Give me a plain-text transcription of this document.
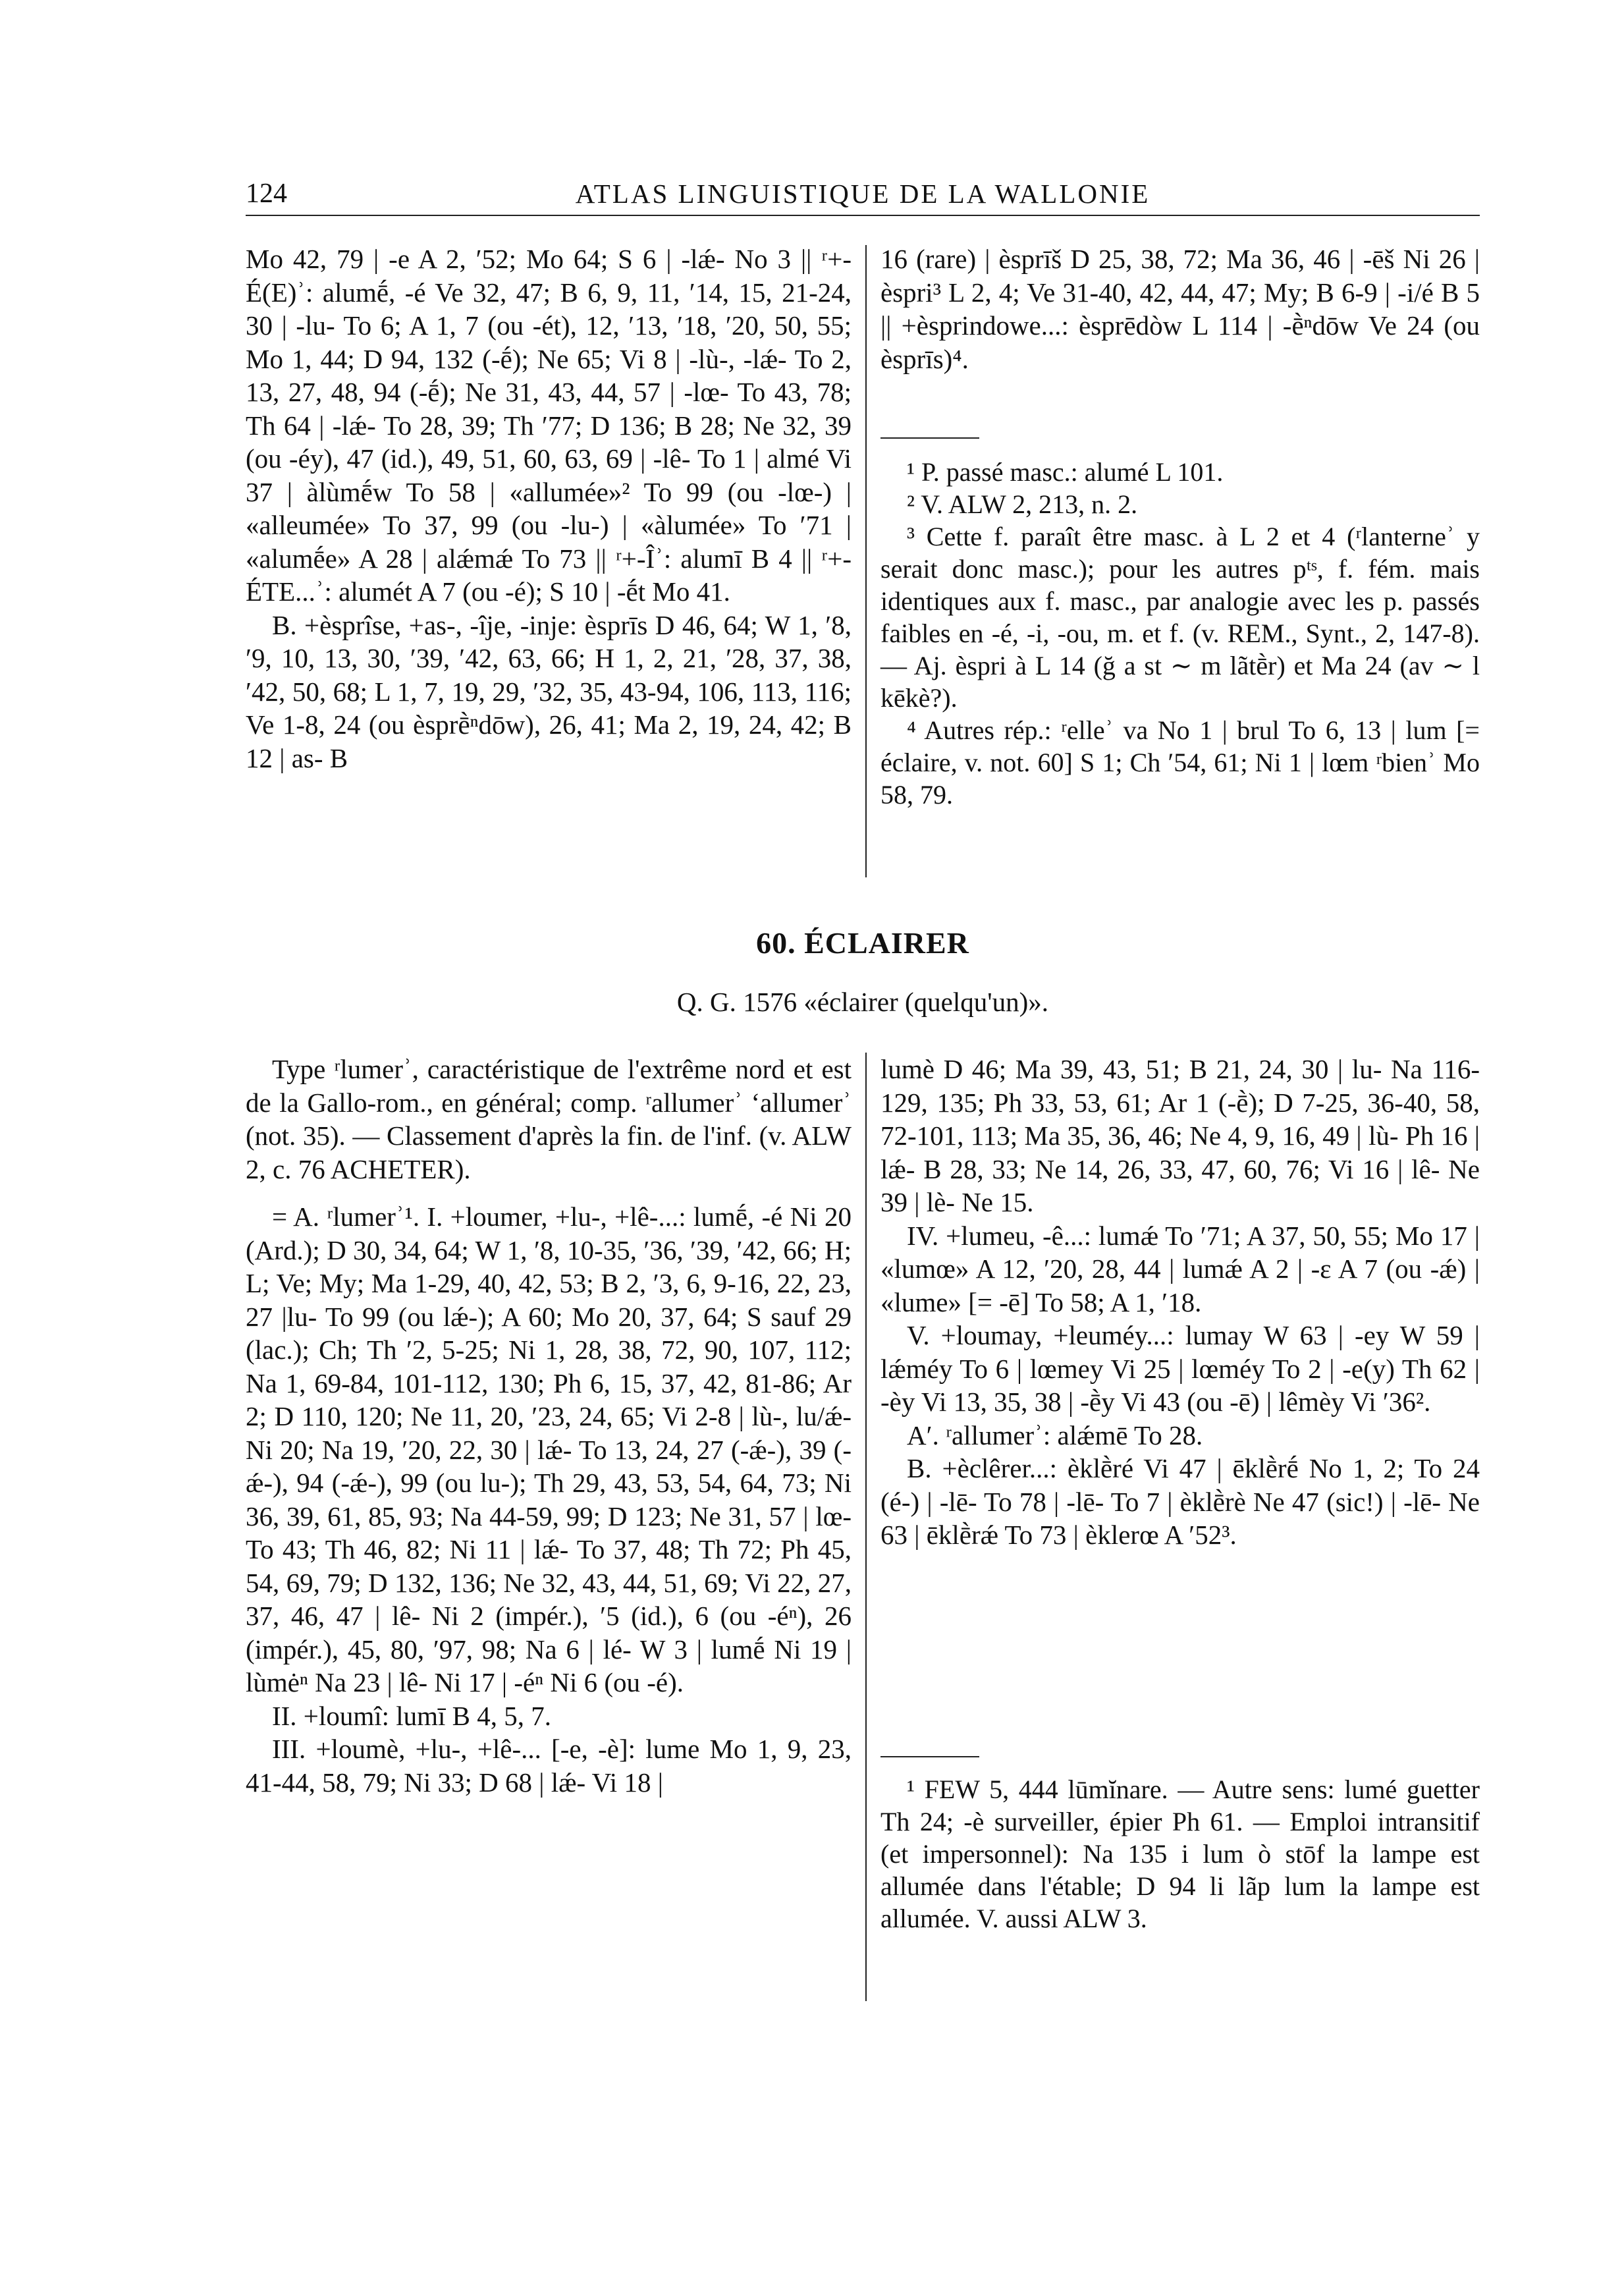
124	ATLAS LINGUISTIQUE DE LA WALLONIE

Mo 42, 79 | -e A 2, ′52; Mo 64; S 6 | -lǽ- No 3 || ʳ+-É(E)ʾ: alumḗ, -é Ve 32, 47; B 6, 9, 11, ′14, 15, 21-24, 30 | -lu- To 6; A 1, 7 (ou -ét), 12, ′13, ′18, ′20, 50, 55; Mo 1, 44; D 94, 132 (-ḗ); Ne 65; Vi 8 | -lù-, -lǽ- To 2, 13, 27, 48, 94 (-ḗ); Ne 31, 43, 44, 57 | -lœ- To 43, 78; Th 64 | -lǽ- To 28, 39; Th ′77; D 136; B 28; Ne 32, 39 (ou -éy), 47 (id.), 49, 51, 60, 63, 69 | -lê- To 1 | almé Vi 37 | àlùmḗw To 58 | «allumée»² To 99 (ou -lœ-) | «alleumée» To 37, 99 (ou -lu-) | «àlumée» To ′71 | «alumḗe» A 28 | alǽmǽ To 73 || ʳ+-Îʾ: alumī B 4 || ʳ+-ÉTE...ʾ: alumét A 7 (ou -é); S 10 | -ḗt Mo 41.

B. +èsprîse, +as-, -îje, -inje: èsprīs D 46, 64; W 1, ′8, ′9, 10, 13, 30, ′39, ′42, 63, 66; H 1, 2, 21, ′28, 37, 38, ′42, 50, 68; L 1, 7, 19, 29, ′32, 35, 43-94, 106, 113, 116; Ve 1-8, 24 (ou èsprḕⁿdōw), 26, 41; Ma 2, 19, 24, 42; B 12 | as- B

16 (rare) | èsprīš D 25, 38, 72; Ma 36, 46 | -ēš Ni 26 | èspri³ L 2, 4; Ve 31-40, 42, 44, 47; My; B 6-9 | -i/é B 5 || +èsprindowe...: èsprēdòw L 114 | -ḕⁿdōw Ve 24 (ou èsprīs)⁴.

¹ P. passé masc.: alumé L 101.

² V. ALW 2, 213, n. 2.

³ Cette f. paraît être masc. à L 2 et 4 (ʳlanterneʾ y serait donc masc.); pour les autres pᵗˢ, f. fém. mais identiques aux f. masc., par analogie avec les p. passés faibles en -é, -i, -ou, m. et f. (v. REM., Synt., 2, 147-8). — Aj. èspri à L 14 (ğ a st ∼ m lãtḕr) et Ma 24 (av ∼ l kēkè?).

⁴ Autres rép.: ʳelleʾ va No 1 | brul To 6, 13 | lum [= éclaire, v. not. 60] S 1; Ch ′54, 61; Ni 1 | lœm ʳbienʾ Mo 58, 79.

60. ÉCLAIRER
Q. G. 1576 «éclairer (quelqu'un)».

Type ʳlumerʾ, caractéristique de l'extrême nord et est de la Gallo-rom., en général; comp. ʳallumerʾ ʻallumerʾ (not. 35). — Classement d'après la fin. de l'inf. (v. ALW 2, c. 76 ACHETER).

= A. ʳlumerʾ¹. I. +loumer, +lu-, +lê-...: lumḗ, -é Ni 20 (Ard.); D 30, 34, 64; W 1, ′8, 10-35, ′36, ′39, ′42, 66; H; L; Ve; My; Ma 1-29, 40, 42, 53; B 2, ′3, 6, 9-16, 22, 23, 27 |lu- To 99 (ou lǽ-); A 60; Mo 20, 37, 64; S sauf 29 (lac.); Ch; Th ′2, 5-25; Ni 1, 28, 38, 72, 90, 107, 112; Na 1, 69-84, 101-112, 130; Ph 6, 15, 37, 42, 81-86; Ar 2; D 110, 120; Ne 11, 20, ′23, 24, 65; Vi 2-8 | lù-, lu/ǽ- Ni 20; Na 19, ′20, 22, 30 | lǽ- To 13, 24, 27 (-ǽ-), 39 (-ǽ-), 94 (-ǽ-), 99 (ou lu-); Th 29, 43, 53, 54, 64, 73; Ni 36, 39, 61, 85, 93; Na 44-59, 99; D 123; Ne 31, 57 | lœ- To 43; Th 46, 82; Ni 11 | lǽ- To 37, 48; Th 72; Ph 45, 54, 69, 79; D 132, 136; Ne 32, 43, 44, 51, 69; Vi 22, 27, 37, 46, 47 | lê- Ni 2 (impér.), ′5 (id.), 6 (ou -éⁿ), 26 (impér.), 45, 80, ′97, 98; Na 6 | lé- W 3 | lumḗ Ni 19 | lùmėⁿ Na 23 | lê- Ni 17 | -éⁿ Ni 6 (ou -é).

II. +loumî: lumī B 4, 5, 7.

III. +loumè, +lu-, +lê-... [-e, -è]: lume Mo 1, 9, 23, 41-44, 58, 79; Ni 33; D 68 | lǽ- Vi 18 |

lumè D 46; Ma 39, 43, 51; B 21, 24, 30 | lu- Na 116-129, 135; Ph 33, 53, 61; Ar 1 (-ḕ); D 7-25, 36-40, 58, 72-101, 113; Ma 35, 36, 46; Ne 4, 9, 16, 49 | lù- Ph 16 | lǽ- B 28, 33; Ne 14, 26, 33, 47, 60, 76; Vi 16 | lê- Ne 39 | lè- Ne 15.

IV. +lumeu, -ê...: lumǽ To ′71; A 37, 50, 55; Mo 17 | «lumœ» A 12, ′20, 28, 44 | lumǽ A 2 | -ɛ A 7 (ou -ǽ) | «lume» [= -ē] To 58; A 1, ′18.

V. +loumay, +leuméy...: lumay W 63 | -ey W 59 | lǽméy To 6 | lœmey Vi 25 | lœméy To 2 | -e(y) Th 62 | -èy Vi 13, 35, 38 | -ḕy Vi 43 (ou -ē) | lêmèy Vi ′36².

A′. ʳallumerʾ: alǽmē To 28.

B. +èclêrer...: èklḕré Vi 47 | ēklḕrḗ No 1, 2; To 24 (é-) | -lē- To 78 | -lē- To 7 | èklḕrè Ne 47 (sic!) | -lē- Ne 63 | ēklḕrǽ To 73 | èklerœ A ′52³.

¹ FEW 5, 444 lūmĭnare. — Autre sens: lumé guetter Th 24; -è surveiller, épier Ph 61. — Emploi intransitif (et impersonnel): Na 135 i lum ò stōf la lampe est allumée dans l'étable; D 94 li lãp lum la lampe est allumée. V. aussi ALW 3.
